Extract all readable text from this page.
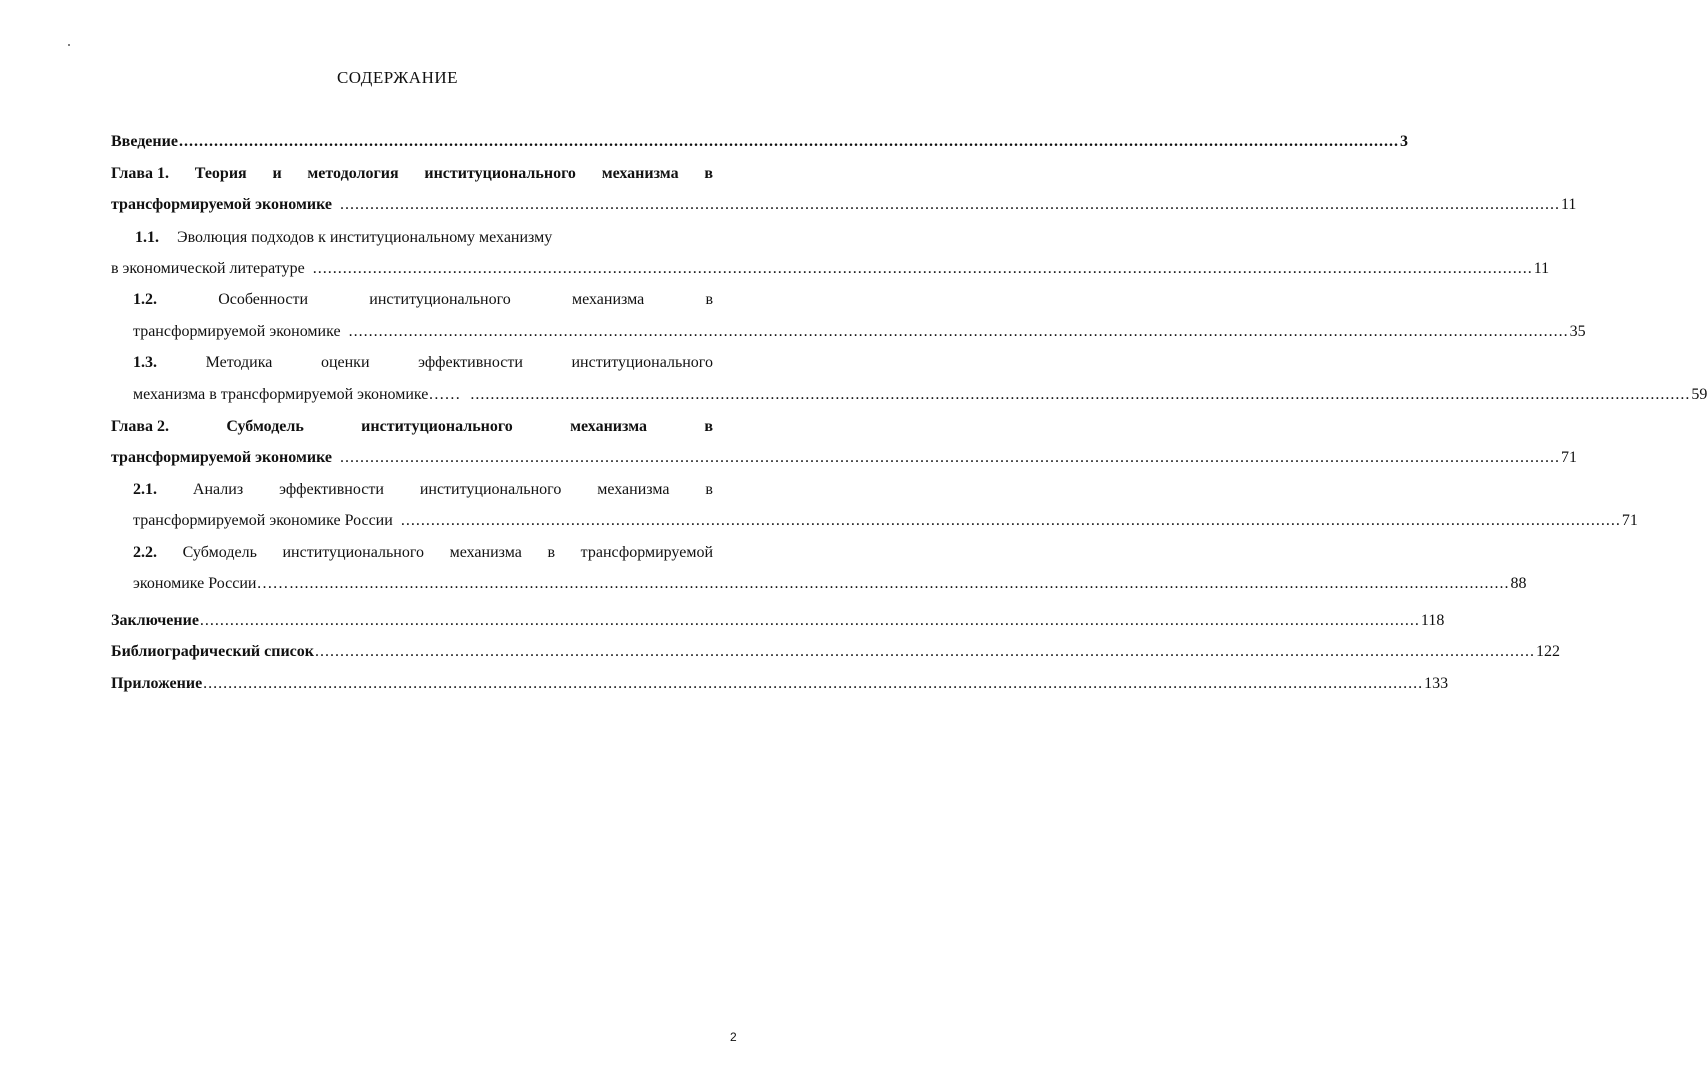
СОДЕРЖАНИЕ
Введение .................................................................................................................................................................................................................................................... 3
Глава 1. Теория и методология институционального механизма в
трансформируемой экономике .................................................................................................................................................................................................................................................... 11
1.1. Эволюция подходов к институциональному механизму
в экономической литературе .................................................................................................................................................................................................................................................... 11
1.2.	Особенности	институционального	механизма	в
трансформируемой экономике .................................................................................................................................................................................................................................................... 35
1.3.	Методика	оценки	эффективности	институционального
механизма в трансформируемой экономике…… .................................................................................................................................................................................................................................................... 59
Глава 2.	Субмодель	институционального	механизма	в
трансформируемой экономике .................................................................................................................................................................................................................................................... 71
2.1. Анализ эффективности институционального механизма в
трансформируемой экономике России .................................................................................................................................................................................................................................................... 71
2.2. Субмодель институционального механизма в трансформируемой
экономике России…… .................................................................................................................................................................................................................................................... 88
Заключение .................................................................................................................................................................................................................................................... 118
Библиографический список .................................................................................................................................................................................................................................................... 122
Приложение .................................................................................................................................................................................................................................................... 133
2
